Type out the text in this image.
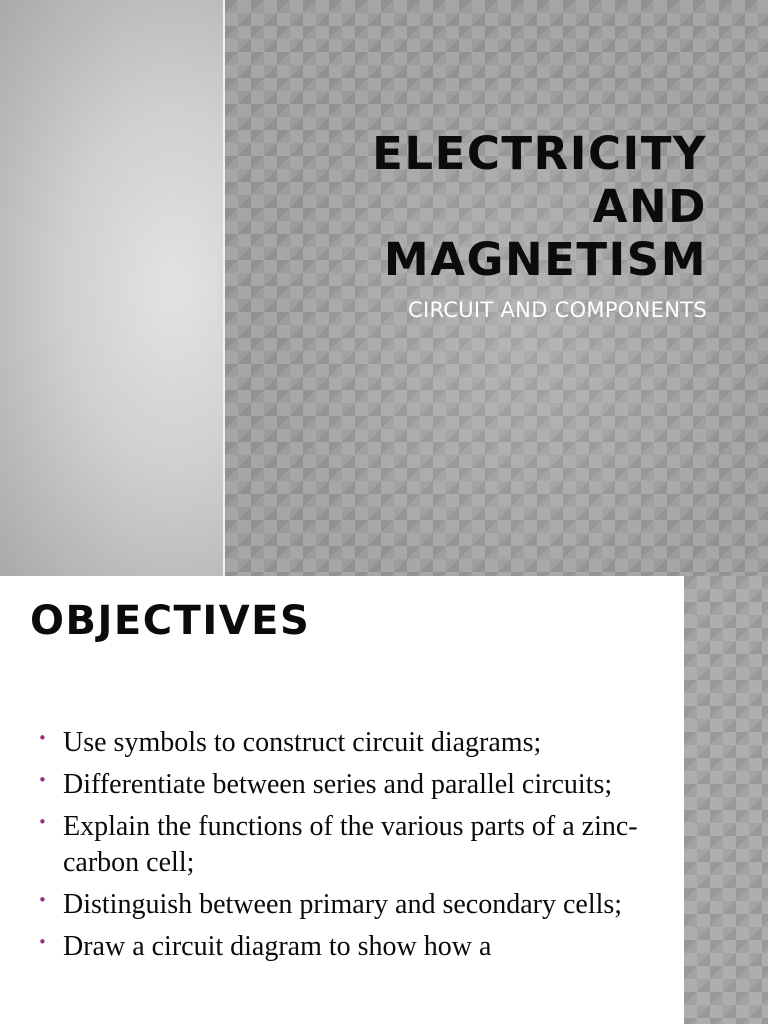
ELECTRICITY
AND
MAGNETISM

CIRCUIT AND COMPONENTS

OBJECTIVES
• Use symbols to construct circuit diagrams;
• Differentiate between series and parallel circuits;
• Explain the functions of the various parts of a zinc-carbon cell;
• Distinguish between primary and secondary cells;
• Draw a circuit diagram to show how a
